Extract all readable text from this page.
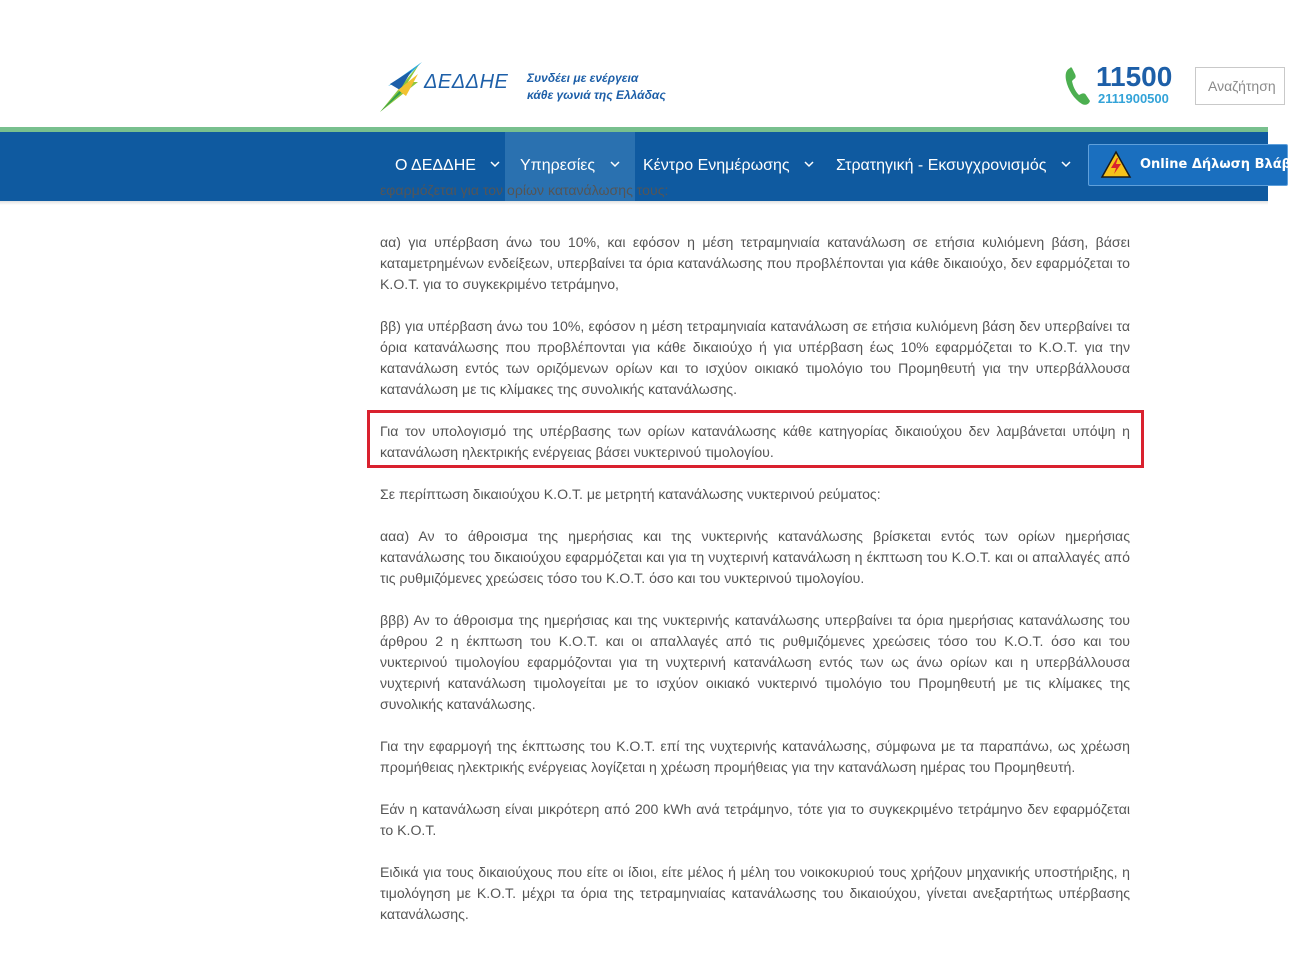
ΔΕΔΔΗΕ Συνδέει με ενέργεια
κάθε γωνιά της Ελλάδας
11500
2111900500
Αναζήτηση
Ο ΔΕΔΔΗΕ	Υπηρεσίες	Κέντρο Ενημέρωσης	Στρατηγική - Εκσυγχρονισμός	Online Δήλωση Βλάβης

εφαρμόζεται για τον ορίων κατανάλωσης τους:

αα) για υπέρβαση άνω του 10%, και εφόσον η μέση τετραμηνιαία κατανάλωση σε ετήσια κυλιόμενη βάση, βάσει καταμετρημένων ενδείξεων, υπερβαίνει τα όρια κατανάλωσης που προβλέπονται για κάθε δικαιούχο, δεν εφαρμόζεται το Κ.Ο.Τ. για το συγκεκριμένο τετράμηνο,

ββ) για υπέρβαση άνω του 10%, εφόσον η μέση τετραμηνιαία κατανάλωση σε ετήσια κυλιόμενη βάση δεν υπερβαίνει τα όρια κατανάλωσης που προβλέπονται για κάθε δικαιούχο ή για υπέρβαση έως 10% εφαρμόζεται το Κ.Ο.Τ. για την κατανάλωση εντός των οριζόμενων ορίων και το ισχύον οικιακό τιμολόγιο του Προμηθευτή για την υπερβάλλουσα κατανάλωση με τις κλίμακες της συνολικής κατανάλωσης.

Για τον υπολογισμό της υπέρβασης των ορίων κατανάλωσης κάθε κατηγορίας δικαιούχου δεν λαμβάνεται υπόψη η κατανάλωση ηλεκτρικής ενέργειας βάσει νυκτερινού τιμολογίου.

Σε περίπτωση δικαιούχου Κ.Ο.Τ. με μετρητή κατανάλωσης νυκτερινού ρεύματος:

ααα) Αν το άθροισμα της ημερήσιας και της νυκτερινής κατανάλωσης βρίσκεται εντός των ορίων ημερήσιας κατανάλωσης του δικαιούχου εφαρμόζεται και για τη νυχτερινή κατανάλωση η έκπτωση του Κ.Ο.Τ. και οι απαλλαγές από τις ρυθμιζόμενες χρεώσεις τόσο του Κ.Ο.Τ. όσο και του νυκτερινού τιμολογίου.

βββ) Αν το άθροισμα της ημερήσιας και της νυκτερινής κατανάλωσης υπερβαίνει τα όρια ημερήσιας κατανάλωσης του άρθρου 2 η έκπτωση του Κ.Ο.Τ. και οι απαλλαγές από τις ρυθμιζόμενες χρεώσεις τόσο του Κ.Ο.Τ. όσο και του νυκτερινού τιμολογίου εφαρμόζονται για τη νυχτερινή κατανάλωση εντός των ως άνω ορίων και η υπερβάλλουσα νυχτερινή κατανάλωση τιμολογείται με το ισχύον οικιακό νυκτερινό τιμολόγιο του Προμηθευτή με τις κλίμακες της συνολικής κατανάλωσης.

Για την εφαρμογή της έκπτωσης του Κ.Ο.Τ. επί της νυχτερινής κατανάλωσης, σύμφωνα με τα παραπάνω, ως χρέωση προμήθειας ηλεκτρικής ενέργειας λογίζεται η χρέωση προμήθειας για την κατανάλωση ημέρας του Προμηθευτή.

Εάν η κατανάλωση είναι μικρότερη από 200 kWh ανά τετράμηνο, τότε για το συγκεκριμένο τετράμηνο δεν εφαρμόζεται το Κ.Ο.Τ.

Ειδικά για τους δικαιούχους που είτε οι ίδιοι, είτε μέλος ή μέλη του νοικοκυριού τους χρήζουν μηχανικής υποστήριξης, η τιμολόγηση με Κ.Ο.Τ. μέχρι τα όρια της τετραμηνιαίας κατανάλωσης του δικαιούχου, γίνεται ανεξαρτήτως υπέρβασης κατανάλωσης.
